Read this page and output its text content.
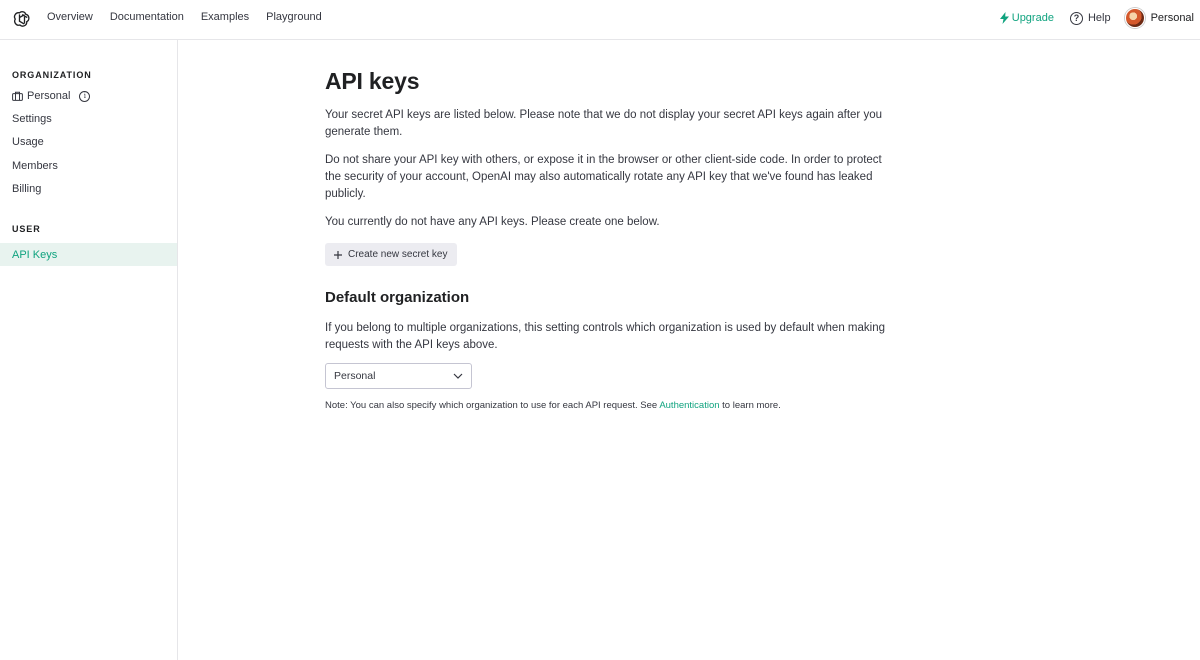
Overview Documentation Examples Playground	Upgrade	? Help	Personal
ORGANIZATION
Personal	i
Settings
Usage
Members
Billing
USER
API Keys
API keys

Your secret API keys are listed below. Please note that we do not display your secret API keys again after you generate them.

Do not share your API key with others, or expose it in the browser or other client-side code. In order to protect the security of your account, OpenAI may also automatically rotate any API key that we've found has leaked publicly.

You currently do not have any API keys. Please create one below.

Create new secret key
Default organization

If you belong to multiple organizations, this setting controls which organization is used by default when making requests with the API keys above.

Personal
Note: You can also specify which organization to use for each API request. See Authentication to learn more.
